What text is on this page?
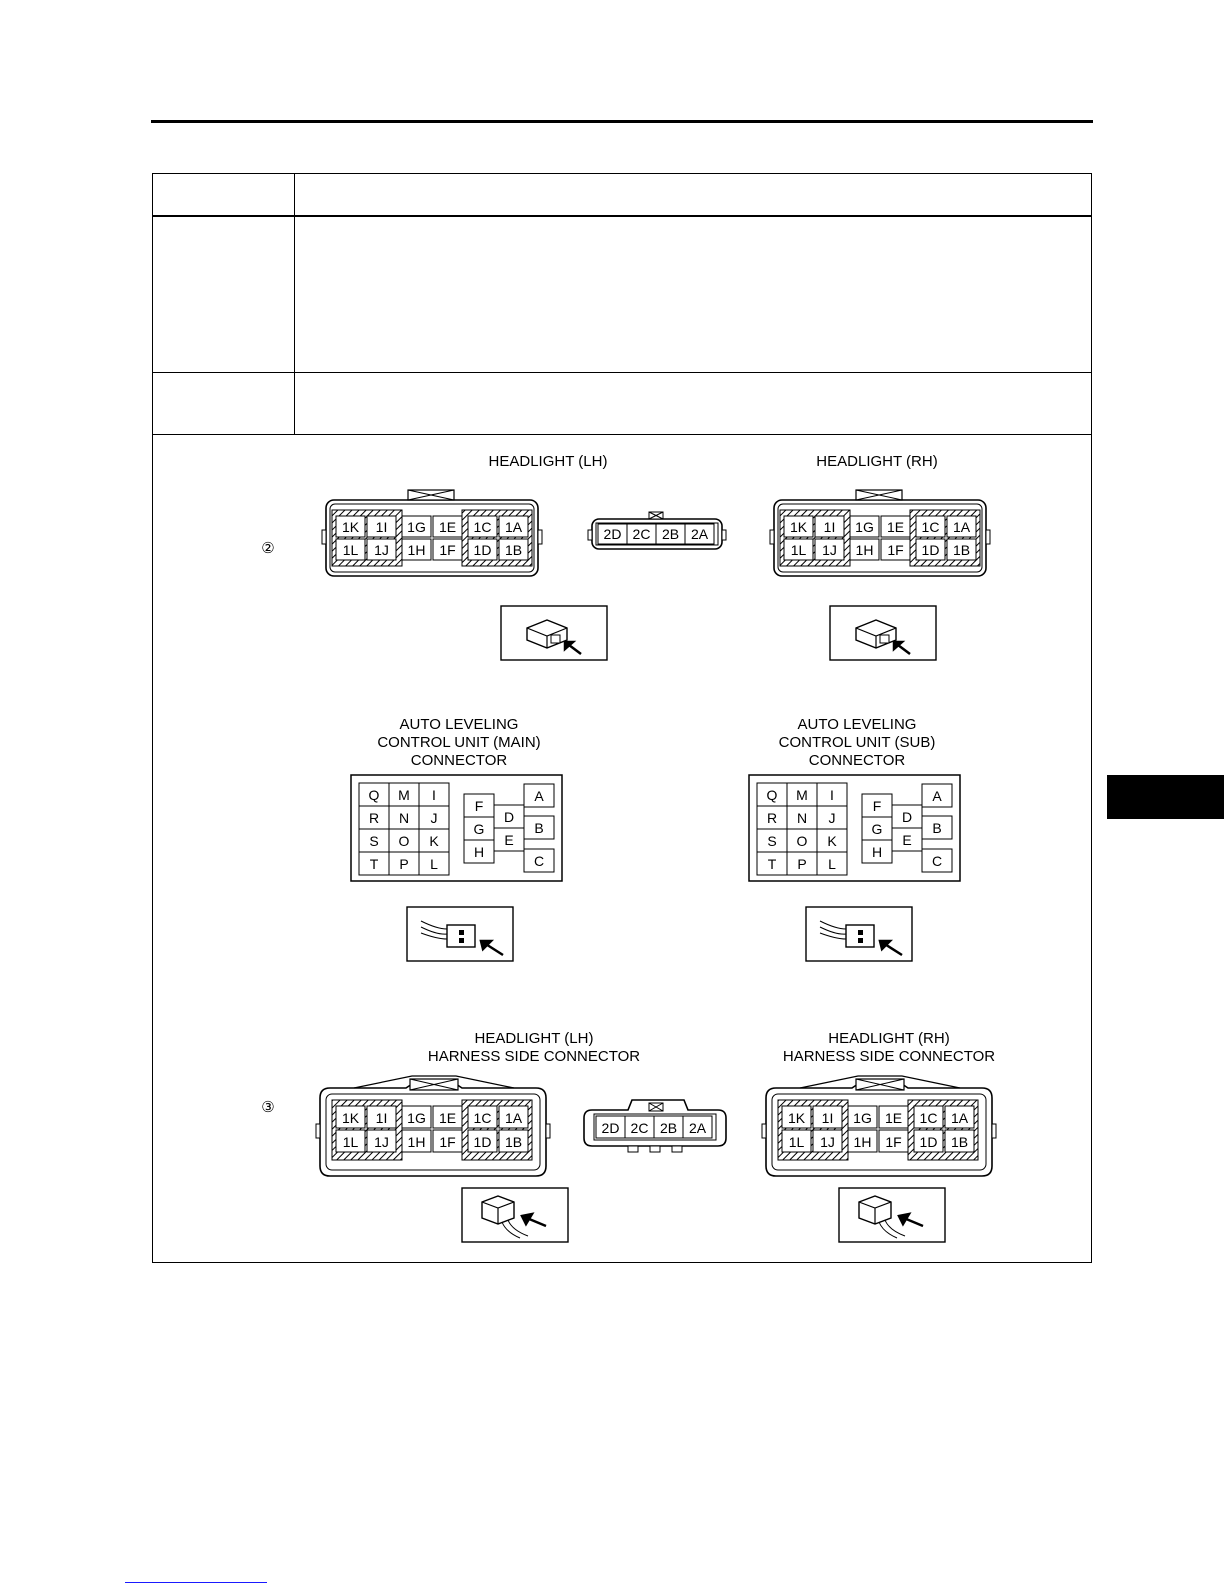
②
HEADLIGHT (LH)	HEADLIGHT (RH)
1K 1I 1G 1E 1C 1A
1L 1J 1H 1F 1D 1B
1K 1I 1G 1E 1C 1A
1L 1J 1H 1F 1D 1B
2D 2C 2B 2A
AUTO LEVELING
CONTROL UNIT (MAIN)
CONNECTOR
AUTO LEVELING
CONTROL UNIT (SUB)
CONNECTOR
Q M I
R N J
S O K
T P L
F
G
H
D
E
A
B
C
Q M I
R N J
S O K
T P L
F
G
H
D
E
A
B
C
③
HEADLIGHT (LH)
HARNESS SIDE CONNECTOR
HEADLIGHT (RH)
HARNESS SIDE CONNECTOR
1K 1I 1G 1E 1C 1A
1L 1J 1H 1F 1D 1B
1K 1I 1G 1E 1C 1A
1L 1J 1H 1F 1D 1B
2D 2C 2B 2A
